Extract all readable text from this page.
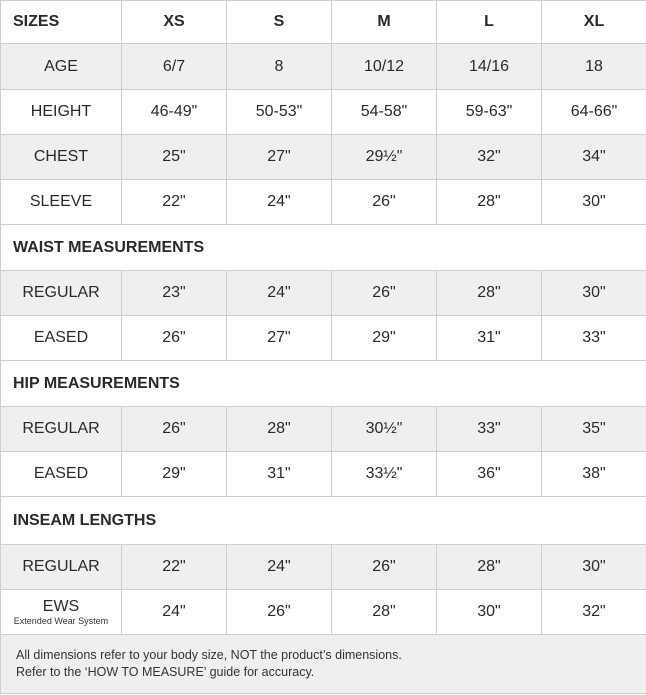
SIZES	XS	S	M	L	XL
AGE	6/7	8	10/12	14/16	18
HEIGHT	46-49"	50-53"	54-58"	59-63"	64-66"
CHEST	25"	27"	29½"	32"	34"
SLEEVE	22"	24"	26"	28"	30"
WAIST MEASUREMENTS					
REGULAR	23"	24"	26"	28"	30"
EASED	26"	27"	29"	31"	33"
HIP MEASUREMENTS					
REGULAR	26"	28"	30½"	33"	35"
EASED	29"	31"	33½"	36"	38"
INSEAM LENGTHS					
REGULAR	22"	24"	26"	28"	30"

EWS
Extended Wear System	24"	26"	28"	30"	32"

All dimensions refer to your body size, NOT the product’s dimensions.
Refer to the ‘HOW TO MEASURE’ guide for accuracy.					
